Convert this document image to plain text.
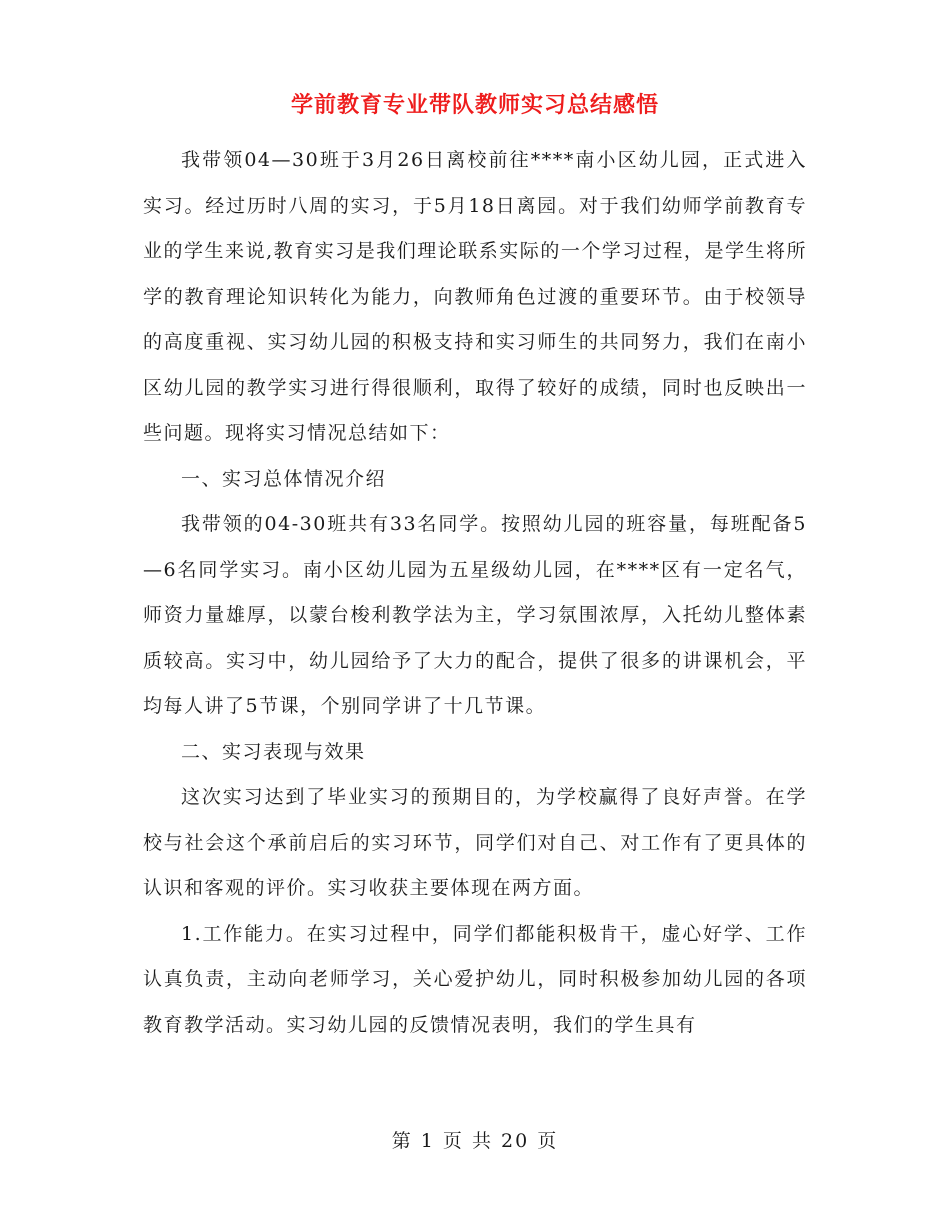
学前教育专业带队教师实习总结感悟

我带领04—30班于3月26日离校前往****南小区幼儿园，正式进入实习。经过历时八周的实习，于5月18日离园。对于我们幼师学前教育专业的学生来说,教育实习是我们理论联系实际的一个学习过程，是学生将所学的教育理论知识转化为能力，向教师角色过渡的重要环节。由于校领导的高度重视、实习幼儿园的积极支持和实习师生的共同努力，我们在南小区幼儿园的教学实习进行得很顺利，取得了较好的成绩，同时也反映出一些问题。现将实习情况总结如下：

一、实习总体情况介绍

我带领的04-30班共有33名同学。按照幼儿园的班容量，每班配备5—6名同学实习。南小区幼儿园为五星级幼儿园，在****区有一定名气，师资力量雄厚，以蒙台梭利教学法为主，学习氛围浓厚，入托幼儿整体素质较高。实习中，幼儿园给予了大力的配合，提供了很多的讲课机会，平均每人讲了5节课，个别同学讲了十几节课。

二、实习表现与效果

这次实习达到了毕业实习的预期目的，为学校赢得了良好声誉。在学校与社会这个承前启后的实习环节，同学们对自己、对工作有了更具体的认识和客观的评价。实习收获主要体现在两方面。

1.工作能力。在实习过程中，同学们都能积极肯干，虚心好学、工作认真负责，主动向老师学习，关心爱护幼儿，同时积极参加幼儿园的各项教育教学活动。实习幼儿园的反馈情况表明，我们的学生具有

第 1 页 共 20 页
